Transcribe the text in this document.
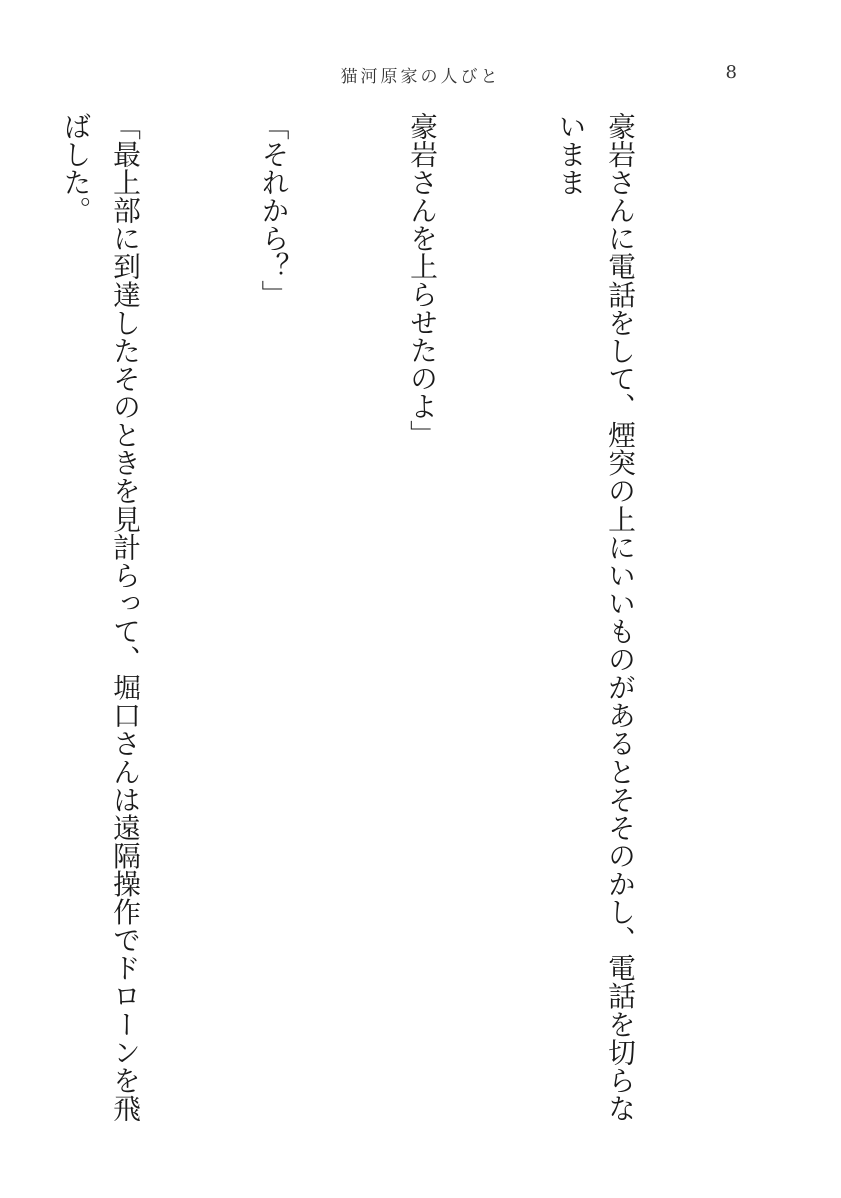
猫河原家の人びと	8

豪岩さんに電話をして、煙突の上にいいものがあるとそそのかし、電話を切らないまま

豪岩さんを上らせたのよ」

「それから？」

「最上部に到達したそのときを見計らって、堀口さんは遠隔操作でドローンを飛ばした。
